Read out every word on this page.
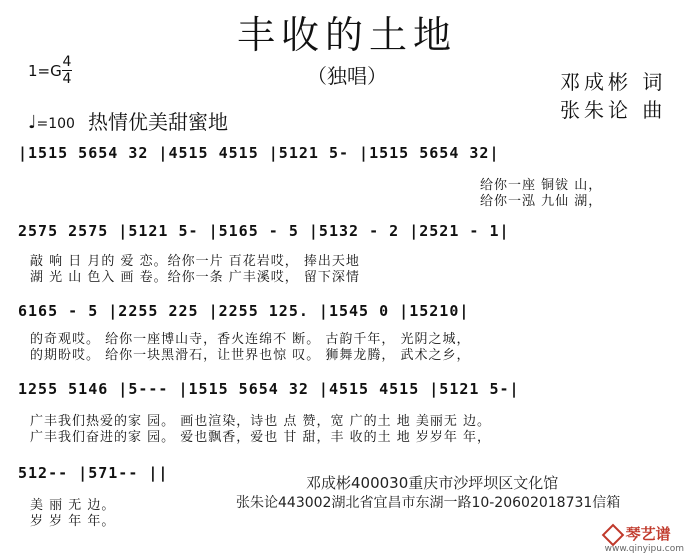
丰收的土地
（独唱）
1=G 4
4	邓成彬 词
张朱论 曲
♩=100 热情优美甜蜜地
|1515 5654 32 |4515 4515 |5121 5- |1515 5654 32|
给你一座 铜钹 山，
给你一泓 九仙 湖，
2575 2575 |5121 5- |5165 - 5 |5132 - 2 |2521 - 1|
敲 响 日 月的 爱 恋。给你一片 百花岩哎， 捧出天地
湖 光 山 色入 画 卷。给你一条 广丰溪哎， 留下深情
6165 - 5 |2255 225 |2255 125. |1545 0 |15210|
的奇观哎。 给你一座博山寺，香火连绵不 断。 古韵千年， 光阴之城，
的期盼哎。 给你一块黑滑石，让世界也惊 叹。 狮舞龙腾， 武术之乡，
1255 5146 |5--- |1515 5654 32 |4515 4515 |5121 5-|
广丰我们热爱的家 园。 画也渲染，诗也 点 赞，宽 广的土 地 美丽无 边。
广丰我们奋进的家 园。 爱也飘香，爱也 甘 甜，丰 收的土 地 岁岁年 年，
512-- |571-- ||
美 丽 无 边。
岁 岁 年 年。
邓成彬400030重庆市沙坪坝区文化馆
张朱论443002湖北省宜昌市东湖一路10-20602018731信箱
琴艺谱
www.qinyipu.com
